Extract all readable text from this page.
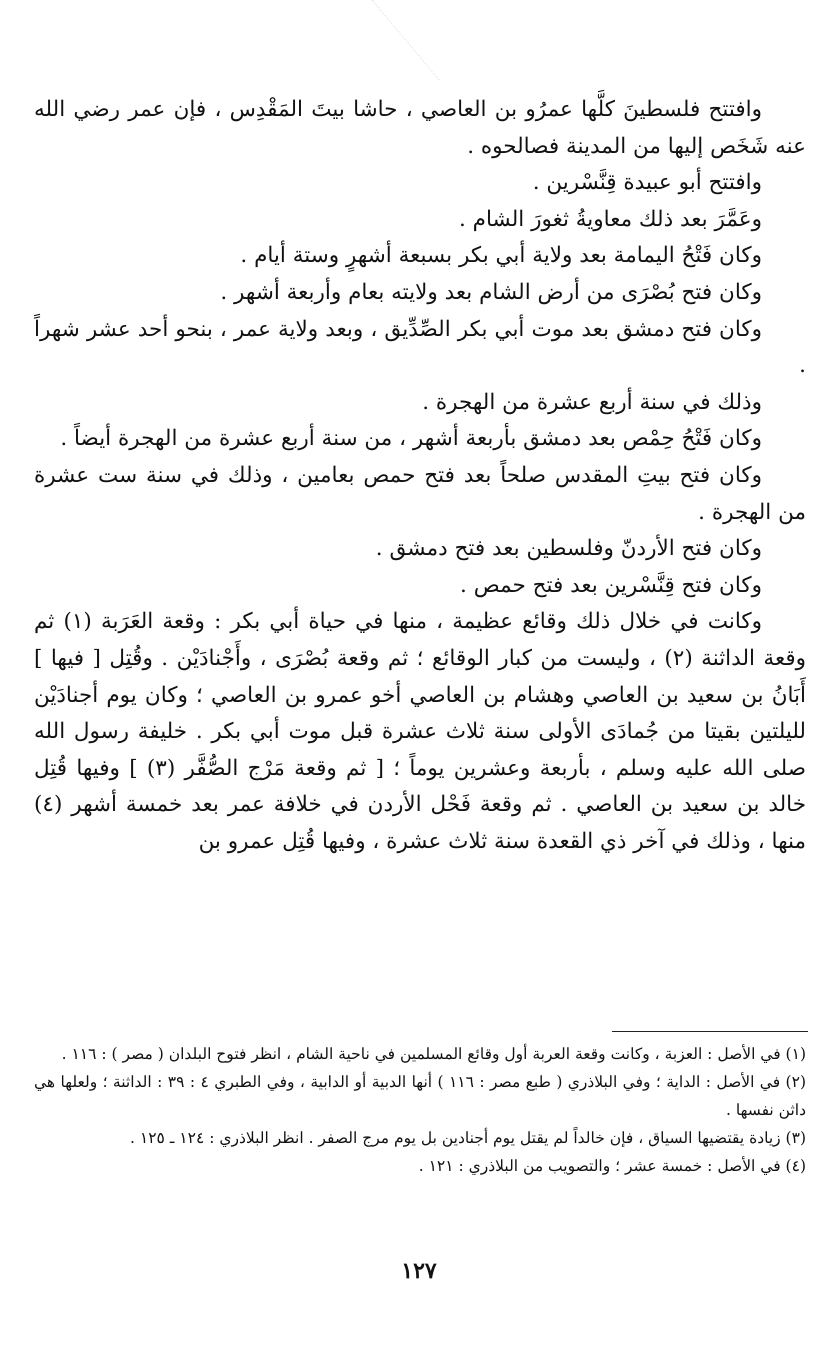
وافتتح فلسطينَ كلَّها عمرُو بن العاصي ، حاشا بيتَ المَقْدِس ، فإن عمر رضي الله عنه شَخَص إليها من المدينة فصالحوه .

وافتتح أبو عبيدة قِنَّسْرين .

وعَمَّرَ بعد ذلك معاويةُ ثغورَ الشام .

وكان فَتْحُ اليمامة بعد ولاية أبي بكر بسبعة أشهرٍ وستة أيام .

وكان فتح بُصْرَى من أرض الشام بعد ولايته بعام وأربعة أشهر .

وكان فتح دمشق بعد موت أبي بكر الصِّدِّيق ، وبعد ولاية عمر ، بنحو أحد عشر شهراً .

وذلك في سنة أربع عشرة من الهجرة .

وكان فَتْحُ حِمْص بعد دمشق بأربعة أشهر ، من سنة أربع عشرة من الهجرة أيضاً .

وكان فتح بيتِ المقدس صلحاً بعد فتح حمص بعامين ، وذلك في سنة ست عشرة من الهجرة .

وكان فتح الأردنّ وفلسطين بعد فتح دمشق .

وكان فتح قِنَّسْرين بعد فتح حمص .

وكانت في خلال ذلك وقائع عظيمة ، منها في حياة أبي بكر : وقعة العَرَبة (١) ثم وقعة الداثنة (٢) ، وليست من كبار الوقائع ؛ ثم وقعة بُصْرَى ، وأَجْنادَيْن . وقُتِل [ فيها ] أَبَانُ بن سعيد بن العاصي وهشام بن العاصي أخو عمرو بن العاصي ؛ وكان يوم أجنادَيْن لليلتين بقيتا من جُمادَى الأولى سنة ثلاث عشرة قبل موت أبي بكر . خليفة رسول الله صلى الله عليه وسلم ، بأربعة وعشرين يوماً ؛ [ ثم وقعة مَرْج الصُّفَّر (٣) ] وفيها قُتِل خالد بن سعيد بن العاصي . ثم وقعة فَحْل الأردن في خلافة عمر بعد خمسة أشهر (٤) منها ، وذلك في آخر ذي القعدة سنة ثلاث عشرة ، وفيها قُتِل عمرو بن

(١) في الأصل : العزبة ، وكانت وقعة العربة أول وقائع المسلمين في ناحية الشام ، انظر فتوح البلدان ( مصر ) : ١١٦ .

(٢) في الأصل : الداية ؛ وفي البلاذري ( طبع مصر : ١١٦ ) أنها الدبية أو الدابية ، وفي الطبري ٤ : ٣٩ : الداثنة ؛ ولعلها هي داثن نفسها .

(٣) زيادة يقتضيها السياق ، فإن خالداً لم يقتل يوم أجنادين بل يوم مرج الصفر . انظر البلاذري : ١٢٤ ـ ١٢٥ .

(٤) في الأصل : خمسة عشر ؛ والتصويب من البلاذري : ١٢١ .

١٢٧
